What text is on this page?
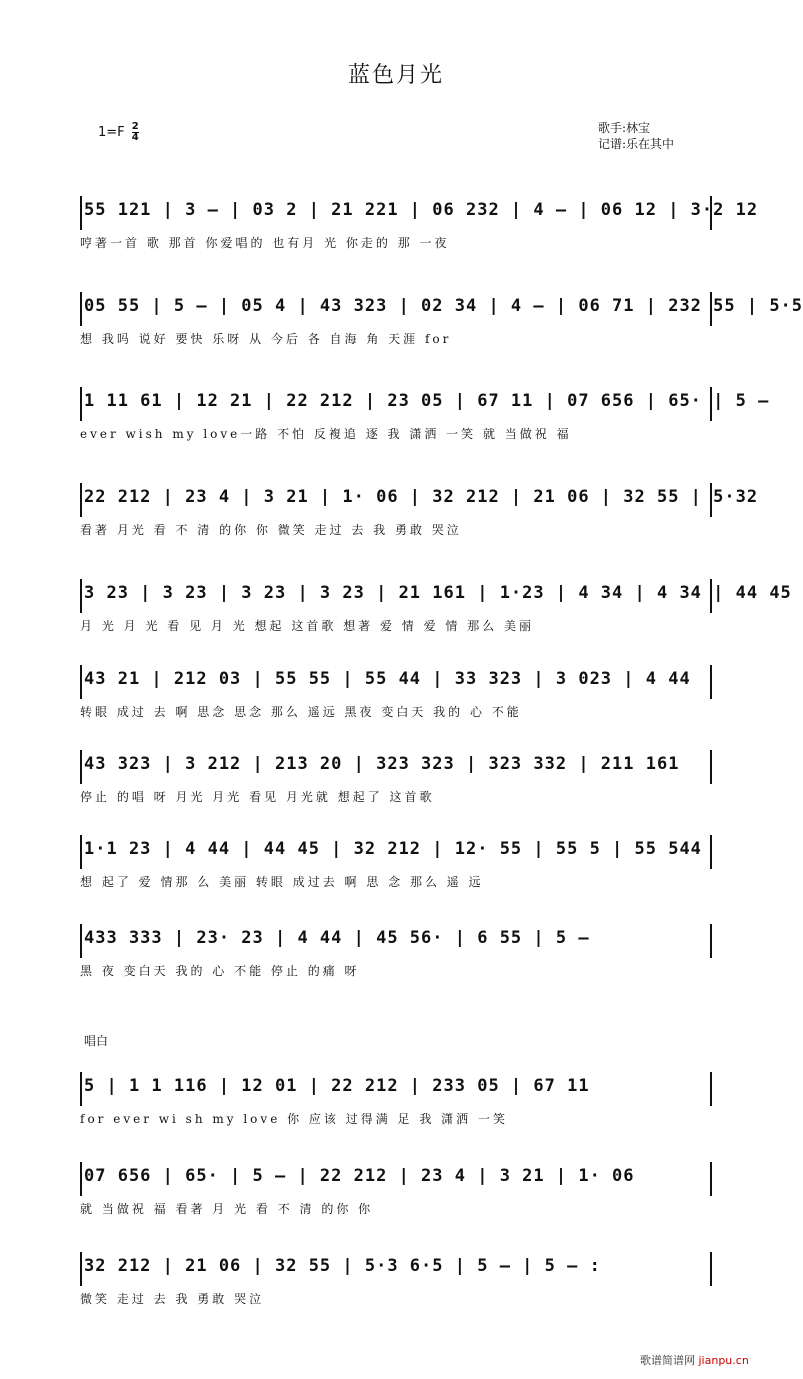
蓝色月光
$1=F \frac{2}{4}$	歌手:林宝
记谱:乐在其中
55 121 | 3 – | 03 2 | 21 221 | 06 232 | 4 – | 06 12 | 3·2 12
哼著一首 歌 那首 你爱唱的 也有月 光 你走的 那 一夜
05 55 | 5 – | 05 4 | 43 323 | 02 34 | 4 – | 06 71 | 232 55 | 5·5
想 我吗 说好 要快 乐呀 从 今后 各 自海 角 天涯 for
1 11 61 | 12 21 | 22 212 | 23 05 | 67 11 | 07 656 | 65· | 5 –
ever wish my love一路 不怕 反複追 逐 我 潇洒 一笑 就 当做祝 福
22 212 | 23 4 | 3 21 | 1· 06 | 32 212 | 21 06 | 32 55 | 5·32
看著 月光 看 不 清 的你 你 微笑 走过 去 我 勇敢 哭泣
3 23 | 3 23 | 3 23 | 3 23 | 21 161 | 1·23 | 4 34 | 4 34 | 44 45
月 光 月 光 看 见 月 光 想起 这首歌 想著 爱 情 爱 情 那么 美丽
43 21 | 212 03 | 55 55 | 55 44 | 33 323 | 3 023 | 4 44
转眼 成过 去 啊 思念 思念 那么 遥远 黑夜 变白天 我的 心 不能
43 323 | 3 212 | 213 20 | 323 323 | 323 332 | 211 161
停止 的唱 呀 月光 月光 看见 月光就 想起了 这首歌
1·1 23 | 4 44 | 44 45 | 32 212 | 12· 55 | 55 5 | 55 544
想 起了 爱 情那 么 美丽 转眼 成过去 啊 思 念 那么 遥 远
433 333 | 23· 23 | 4 44 | 45 56· | 6 55 | 5 –
黑 夜 变白天 我的 心 不能 停止 的痛 呀
唱白
5 | 1 1 116 | 12 01 | 22 212 | 233 05 | 67 11
for ever wi sh my love 你 应该 过得满 足 我 潇洒 一笑
07 656 | 65· | 5 – | 22 212 | 23 4 | 3 21 | 1· 06
就 当做祝 福 看著 月 光 看 不 清 的你 你
32 212 | 21 06 | 32 55 | 5·3 6·5 | 5 – | 5 – :
微笑 走过 去 我 勇敢 哭泣
歌谱简谱网 jianpu.cn
